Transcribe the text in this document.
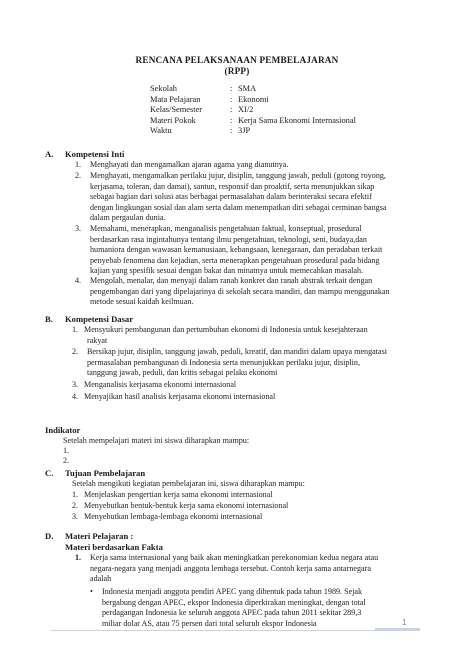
RENCANA PELAKSANAAN PEMBELAJARAN
(RPP)
Sekolah	: SMA
Mata Pelajaran	: Ekonomi
Kelas/Semester	: XI/2
Materi Pokok	: Kerja Sama Ekonomi Internasional
Waktu	: 3JP
A. Kompetensi Inti
1. Menghayati dan mengamalkan ajaran agama yang dianutnya.
2. Menghayati, mengamalkan perilaku jujur, disiplin, tanggung jawab, peduli (gotong royong,
kerjasama, toleran, dan damai), santun, responsif dan proaktif, serta menunjukkan sikap
sebagai bagian dari solusi atas berbagai permasalahan dalam berinteraksi secara efektif
dengan lingkungan sosial dan alam serta dalam menempatkan diri sebagai cerminan bangsa
dalam pergaulan dunia.
3. Memahami, menerapkan, menganalisis pengetahuan faktual, konseptual, prosedural
berdasarkan rasa ingintahunya tentang ilmu pengetahuan, teknologi, seni, budaya,dan
humaniora dengan wawasan kemanusiaan, kebangsaan, kenegaraan, dan peradaban terkait
penyebab fenomena dan kejadian, serta menerapkan pengetahuan prosedural pada bidang
kajian yang spesifik sesuai dengan bakat dan minatnya untuk memecahkan masalah.
4. Mengolah, menalar, dan menyaji dalam ranah konkret dan ranah abstrak terkait dengan
pengembangan dari yang dipelajarinya di sekolah secara mandiri, dan mampu menggunakan
metode sesuai kaidah keilmuan.
B. Kompetensi Dasar
1. Mensyukuri pembangunan dan pertumbuhan ekonomi di Indonesia untuk kesejahteraan
rakyat
2. Bersikap jujur, disiplin, tanggung jawab, peduli, kreatif, dan mandiri dalam upaya mengatasi
permasalahan pembangunan di Indonesia serta menunjukkan perilaku jujur, disiplin,
tanggung jawab, peduli, dan kritis sebagai pelaku ekonomi
3. Menganalisis kerjasama ekonomi internasional
4. Menyajikan hasil analisis kerjasama ekonomi internasional
Indikator
Setelah mempelajari materi ini siswa diharapkan mampu:
1.
2.
C. Tujuan Pembelajaran
Setelah mengikuti kegiatan pembelajaran ini, siswa diharapkan mampu:
1. Menjelaskan pengertian kerja sama ekonomi internasional
2. Menyebutkan bentuk-bentuk kerja sama ekonomi internasional
3. Menyebutkan lembaga-lembaga ekonomi internasional
D. Materi Pelajaran :
Materi berdasarkan Fakta
1. Kerja sama internasional yang baik akan meningkatkan perekonomian kedua negara atau
negara-negara yang menjadi anggota lembaga tersebut. Contoh kerja sama antarnegara
adalah
• Indonesia menjadi anggota pendiri APEC yang dibentuk pada tahun 1989. Sejak
bergabung dengan APEC, ekspor Indonesia diperkirakan meningkat, dengan total
perdagangan Indonesia ke seluruh anggota APEC pada tahun 2011 sekitar 289,3
miliar dolar AS, atau 75 persen dari total seluruh ekspor Indonesia	1
